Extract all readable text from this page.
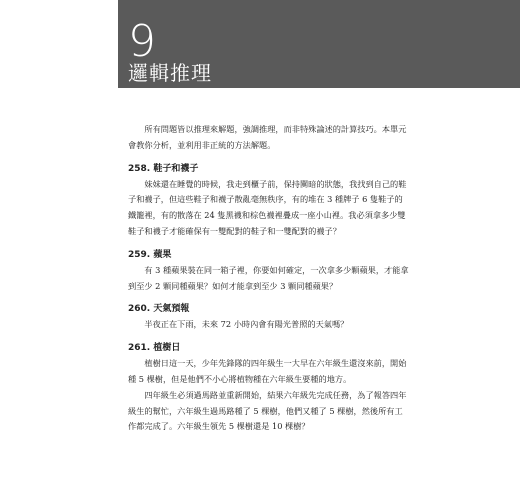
9
邏輯推理

所有問題皆以推理來解題，強調推理，而非特殊論述的計算技巧。本單元會教你分析，並利用非正統的方法解題。

258. 鞋子和襪子

妹妹還在睡覺的時候，我走到櫃子前，保持闃暗的狀態，我找到自己的鞋子和襪子，但這些鞋子和襪子散亂毫無秩序，有的堆在 3 種牌子 6 隻鞋子的鐵籠裡，有的散落在 24 隻黑襪和棕色襪裡疊成一座小山裡。我必須拿多少雙鞋子和襪子才能確保有一雙配對的鞋子和一雙配對的襪子？

259. 蘋果

有 3 種蘋果裝在同一箱子裡，你要如何確定，一次拿多少顆蘋果，才能拿到至少 2 顆同種蘋果？如何才能拿到至少 3 顆同種蘋果？

260. 天氣預報

半夜正在下雨，未來 72 小時內會有陽光普照的天氣嗎？

261. 植樹日

植樹日這一天，少年先鋒隊的四年級生一大早在六年級生還沒來前，開始種 5 棵樹，但是他們不小心將植物種在六年級生要種的地方。

四年級生必須過馬路並重新開始，結果六年級先完成任務，為了報答四年級生的幫忙，六年級生過馬路種了 5 棵樹，他們又種了 5 棵樹，然後所有工作都完成了。六年級生領先 5 棵樹還是 10 棵樹？
